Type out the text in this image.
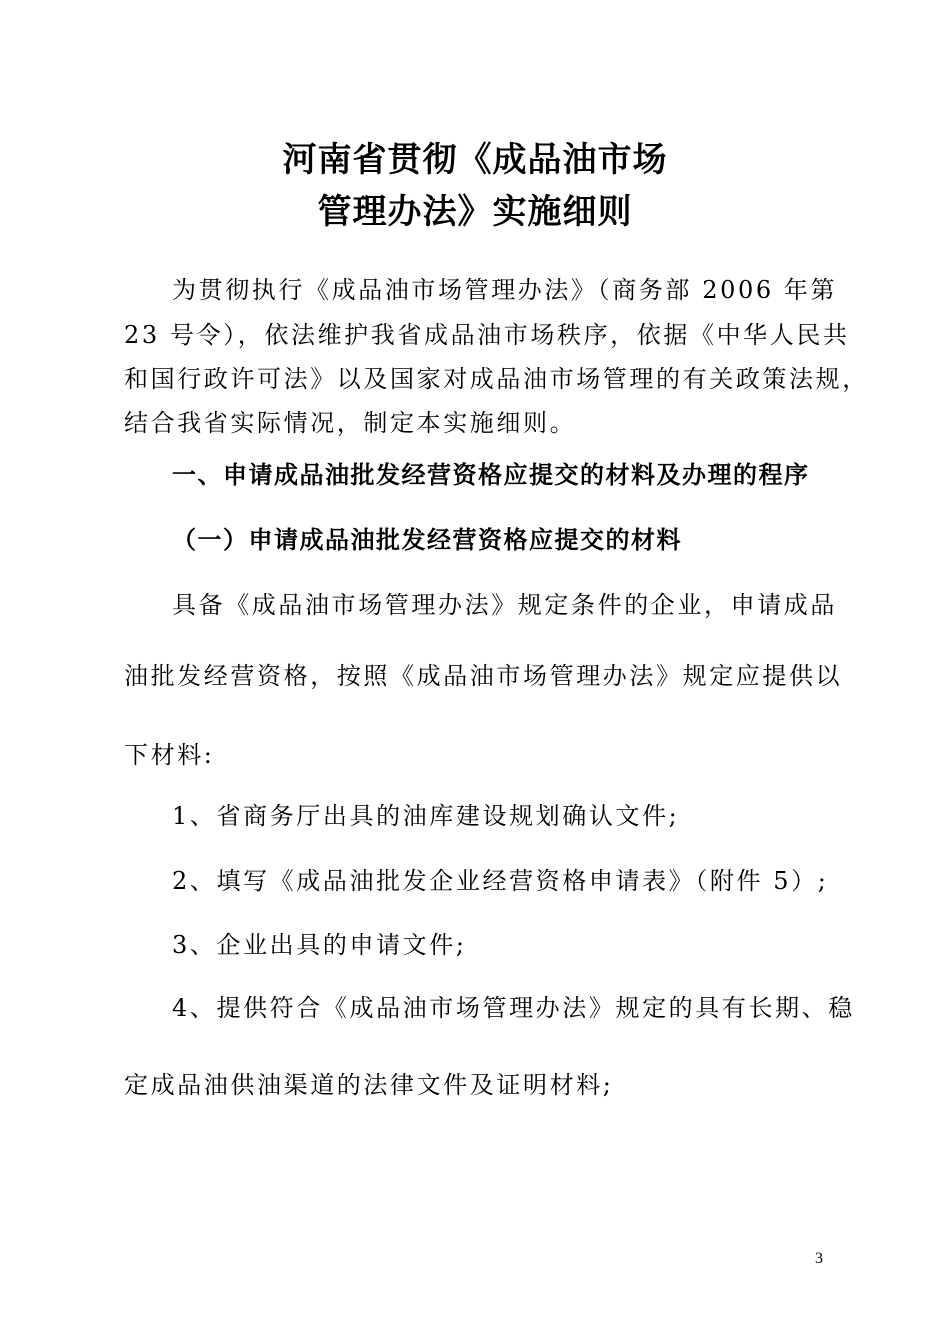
河南省贯彻《成品油市场
管理办法》实施细则
为贯彻执行《成品油市场管理办法》（商务部 2006 年第
23 号令），依法维护我省成品油市场秩序，依据《中华人民共
和国行政许可法》以及国家对成品油市场管理的有关政策法规，
结合我省实际情况，制定本实施细则。
一、申请成品油批发经营资格应提交的材料及办理的程序
（一）申请成品油批发经营资格应提交的材料
具备《成品油市场管理办法》规定条件的企业，申请成品
油批发经营资格，按照《成品油市场管理办法》规定应提供以
下材料:
1、省商务厅出具的油库建设规划确认文件;
2、填写《成品油批发企业经营资格申请表》（附件 5）;
3、企业出具的申请文件;
4、提供符合《成品油市场管理办法》规定的具有长期、稳
定成品油供油渠道的法律文件及证明材料;
3
